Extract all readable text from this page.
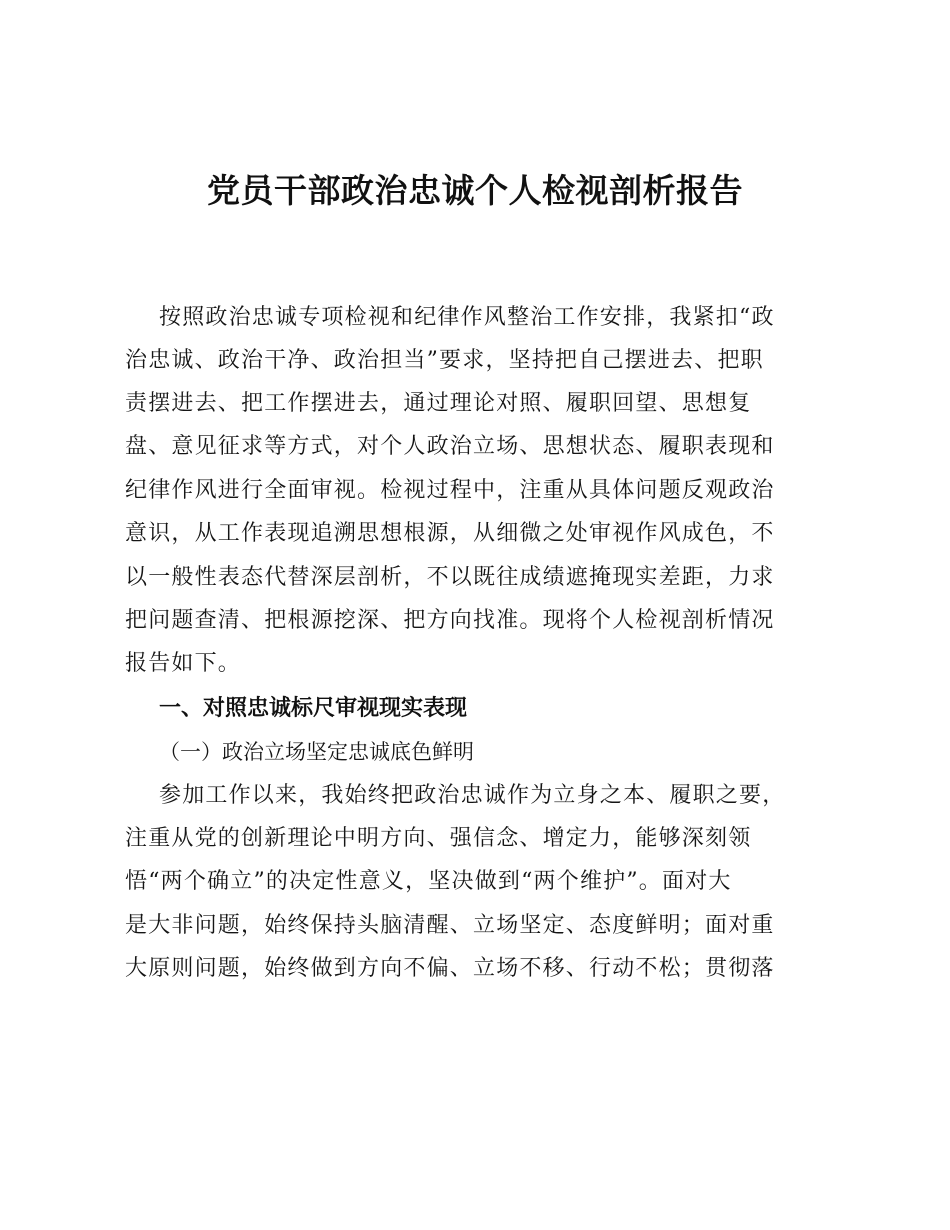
党员干部政治忠诚个人检视剖析报告
按照政治忠诚专项检视和纪律作风整治工作安排，我紧扣“政
治忠诚、政治干净、政治担当”要求，坚持把自己摆进去、把职
责摆进去、把工作摆进去，通过理论对照、履职回望、思想复
盘、意见征求等方式，对个人政治立场、思想状态、履职表现和
纪律作风进行全面审视。检视过程中，注重从具体问题反观政治
意识，从工作表现追溯思想根源，从细微之处审视作风成色，不
以一般性表态代替深层剖析，不以既往成绩遮掩现实差距，力求
把问题查清、把根源挖深、把方向找准。现将个人检视剖析情况
报告如下。
一、对照忠诚标尺审视现实表现
（一）政治立场坚定忠诚底色鲜明
参加工作以来，我始终把政治忠诚作为立身之本、履职之要，
注重从党的创新理论中明方向、强信念、增定力，能够深刻领
悟“两个确立”的决定性意义，坚决做到“两个维护”。面对大
是大非问题，始终保持头脑清醒、立场坚定、态度鲜明；面对重
大原则问题，始终做到方向不偏、立场不移、行动不松；贯彻落
